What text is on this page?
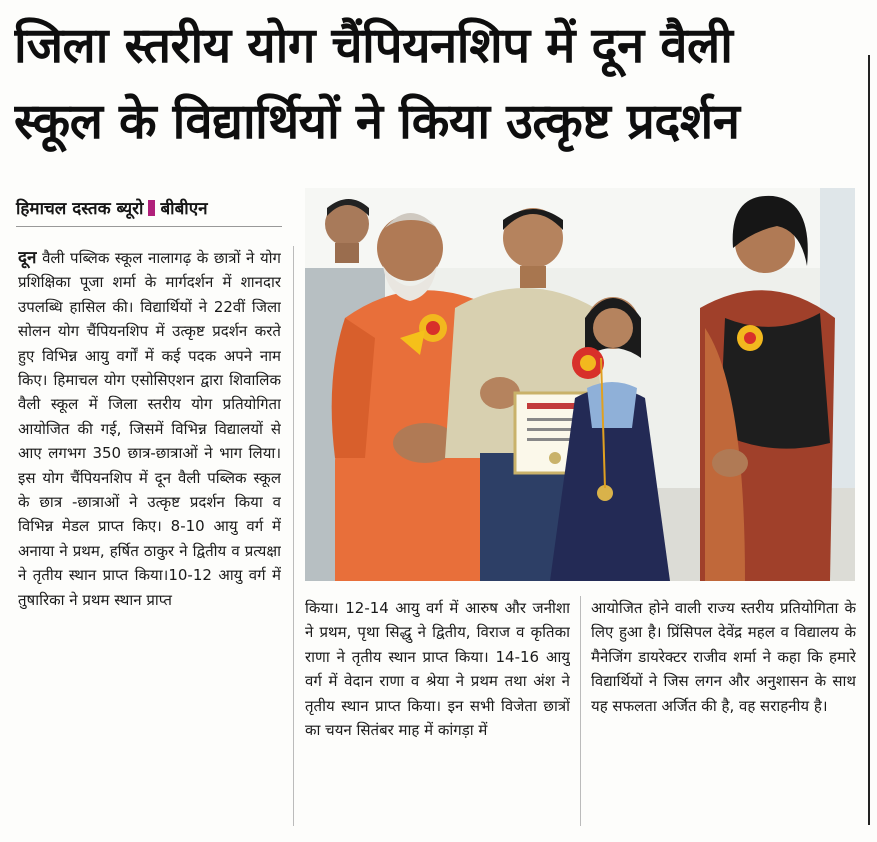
जिला स्तरीय योग चैंपियनशिप में दून वैली
स्कूल के विद्यार्थियों ने किया उत्कृष्ट प्रदर्शन
हिमाचल दस्तक ब्यूरो बीबीएन

दून वैली पब्लिक स्कूल नालागढ़ के छात्रों ने योग प्रशिक्षिका पूजा शर्मा के मार्गदर्शन में शानदार उपलब्धि हासिल की। विद्यार्थियों ने 22वीं जिला सोलन योग चैंपियनशिप में उत्कृष्ट प्रदर्शन करते हुए विभिन्न आयु वर्गों में कई पदक अपने नाम किए। हिमाचल योग एसोसिएशन द्वारा शिवालिक वैली स्कूल में जिला स्तरीय योग प्रतियोगिता आयोजित की गई, जिसमें विभिन्न विद्यालयों से आए लगभग 350 छात्र-छात्राओं ने भाग लिया। इस योग चैंपियनशिप में दून वैली पब्लिक स्कूल के छात्र -छात्राओं ने उत्कृष्ट प्रदर्शन किया व विभिन्न मेडल प्राप्त किए। 8-10 आयु वर्ग में अनाया ने प्रथम, हर्षित ठाकुर ने द्वितीय व प्रत्यक्षा ने तृतीय स्थान प्राप्त किया।10-12 आयु वर्ग में तुषारिका ने प्रथम स्थान प्राप्त	किया। 12-14 आयु वर्ग में आरुष और जनीशा ने प्रथम, पृथा सिद्धु ने द्वितीय, विराज व कृतिका राणा ने तृतीय स्थान प्राप्त किया। 14-16 आयु वर्ग में वेदान राणा व श्रेया ने प्रथम तथा अंश ने तृतीय स्थान प्राप्त किया। इन सभी विजेता छात्रों का चयन सितंबर माह में कांगड़ा में

आयोजित होने वाली राज्य स्तरीय प्रतियोगिता के लिए हुआ है। प्रिंसिपल देवेंद्र महल व विद्यालय के मैनेजिंग डायरेक्टर राजीव शर्मा ने कहा कि हमारे विद्यार्थियों ने जिस लगन और अनुशासन के साथ यह सफलता अर्जित की है, वह सराहनीय है।
